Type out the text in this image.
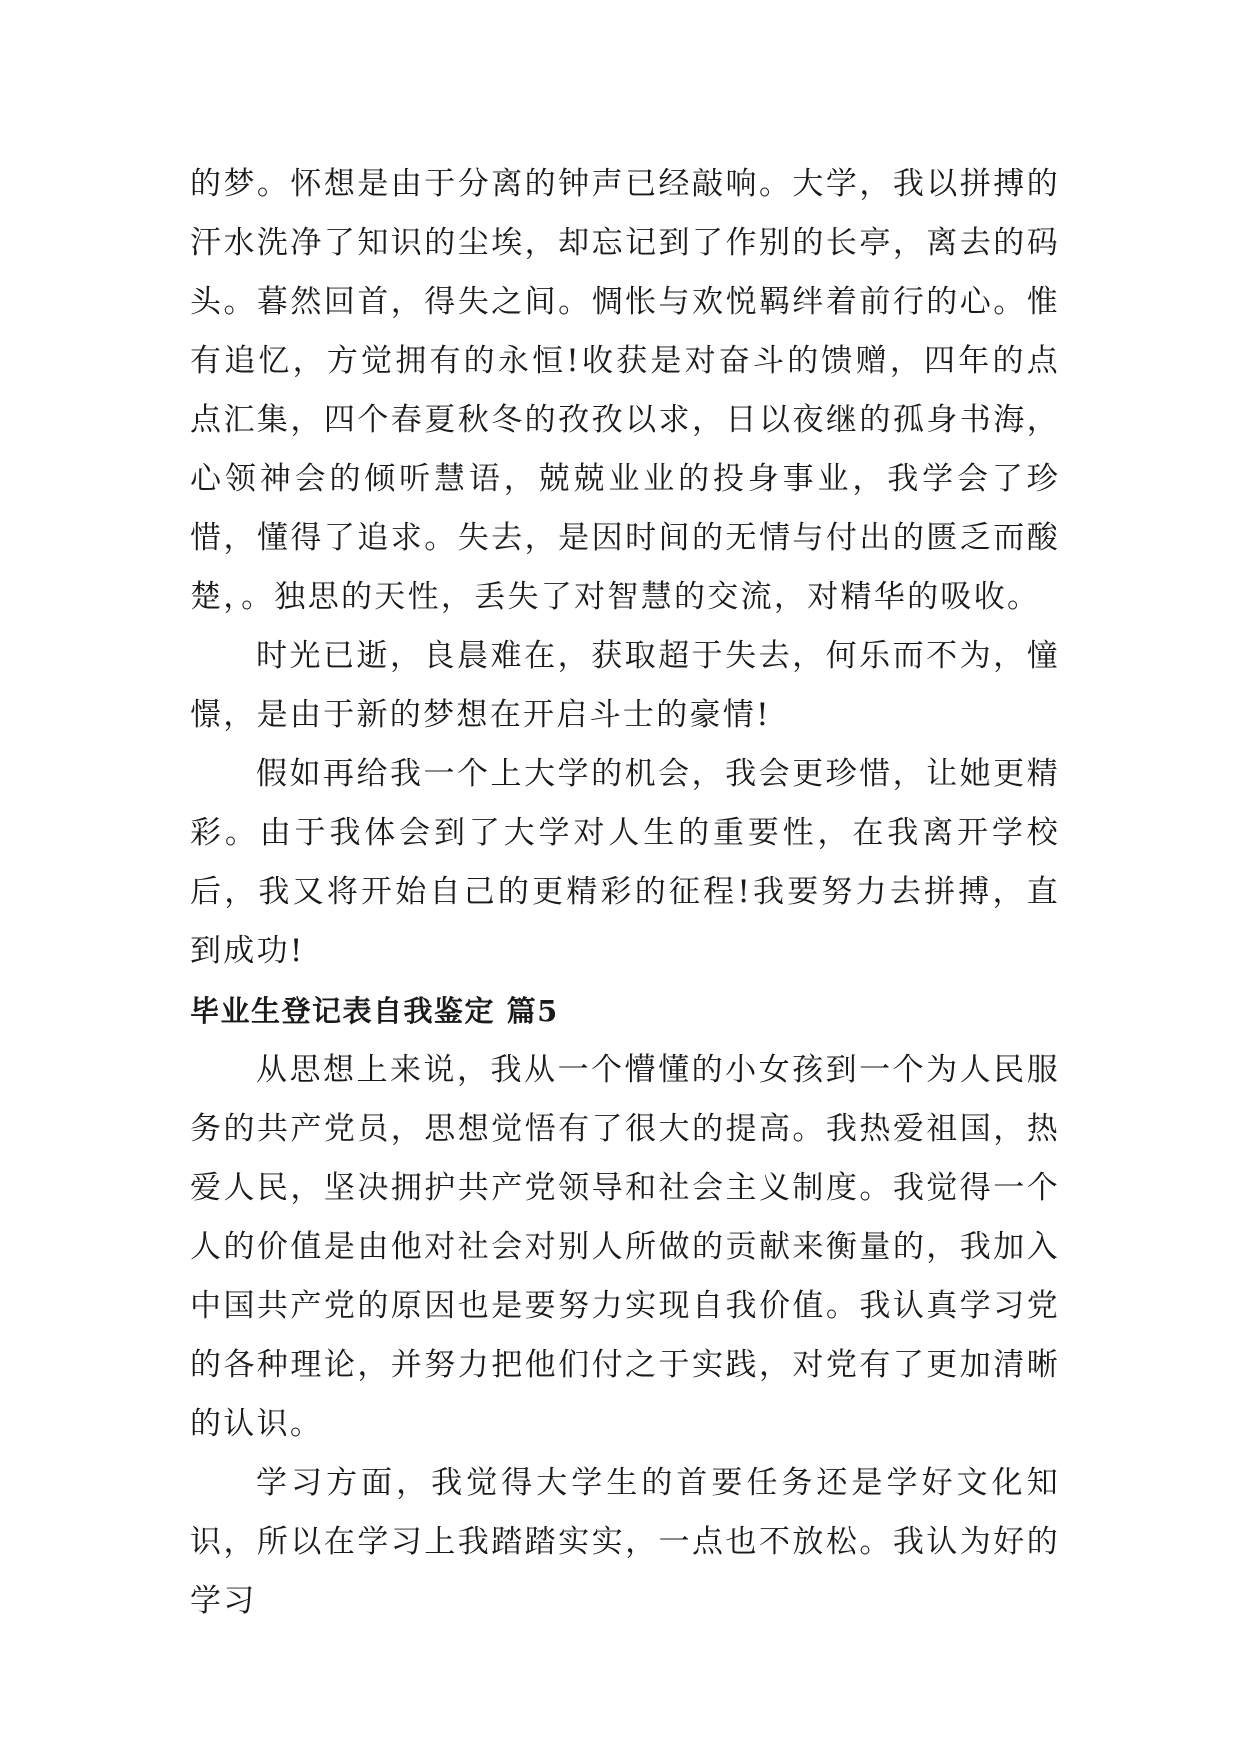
的梦。怀想是由于分离的钟声已经敲响。大学，我以拼搏的汗水洗净了知识的尘埃，却忘记到了作别的长亭，离去的码头。暮然回首，得失之间。惆怅与欢悦羁绊着前行的心。惟有追忆，方觉拥有的永恒!收获是对奋斗的馈赠，四年的点点汇集，四个春夏秋冬的孜孜以求，日以夜继的孤身书海，心领神会的倾听慧语，兢兢业业的投身事业，我学会了珍惜，懂得了追求。失去，是因时间的无情与付出的匮乏而酸楚，。独思的天性，丢失了对智慧的交流，对精华的吸收。

时光已逝，良晨难在，获取超于失去，何乐而不为，憧憬，是由于新的梦想在开启斗士的豪情!

假如再给我一个上大学的机会，我会更珍惜，让她更精彩。由于我体会到了大学对人生的重要性，在我离开学校后，我又将开始自己的更精彩的征程!我要努力去拼搏，直到成功!

毕业生登记表自我鉴定 篇5

从思想上来说，我从一个懵懂的小女孩到一个为人民服务的共产党员，思想觉悟有了很大的提高。我热爱祖国，热爱人民，坚决拥护共产党领导和社会主义制度。我觉得一个人的价值是由他对社会对别人所做的贡献来衡量的，我加入中国共产党的原因也是要努力实现自我价值。我认真学习党的各种理论，并努力把他们付之于实践，对党有了更加清晰的认识。

学习方面，我觉得大学生的首要任务还是学好文化知识，所以在学习上我踏踏实实，一点也不放松。我认为好的学习
